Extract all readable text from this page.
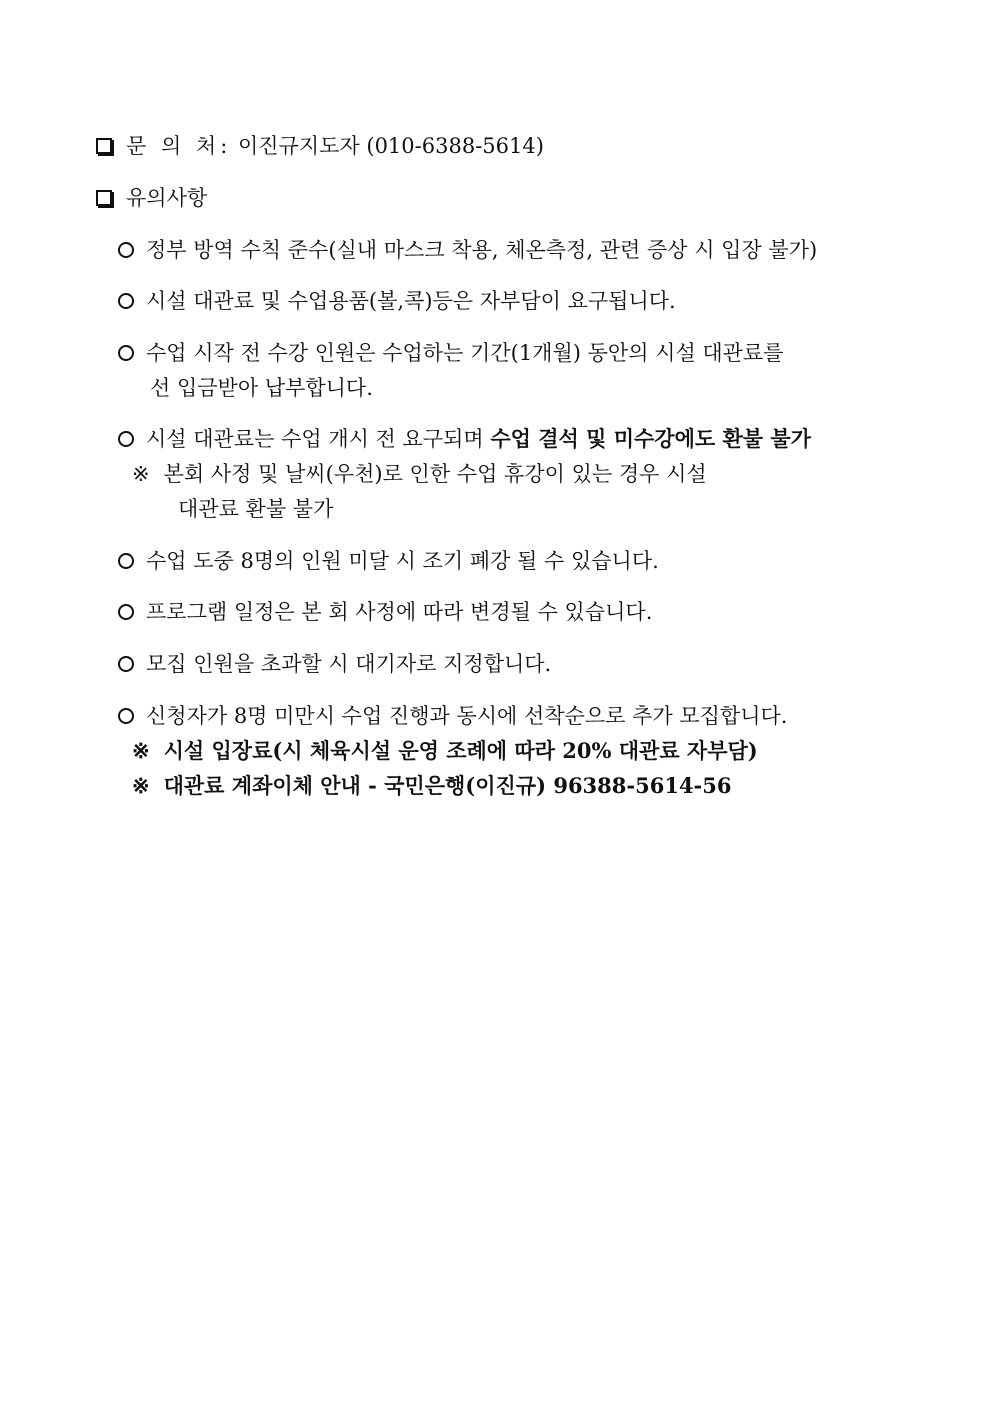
문 의 처: 이진규지도자 (010-6388-5614)
유의사항
정부 방역 수칙 준수(실내 마스크 착용, 체온측정, 관련 증상 시 입장 불가)
시설 대관료 및 수업용품(볼,콕)등은 자부담이 요구됩니다.
수업 시작 전 수강 인원은 수업하는 기간(1개월) 동안의 시설 대관료를
선 입금받아 납부합니다.
시설 대관료는 수업 개시 전 요구되며 수업 결석 및 미수강에도 환불 불가
※ 본회 사정 및 날씨(우천)로 인한 수업 휴강이 있는 경우 시설
대관료 환불 불가
수업 도중 8명의 인원 미달 시 조기 폐강 될 수 있습니다.
프로그램 일정은 본 회 사정에 따라 변경될 수 있습니다.
모집 인원을 초과할 시 대기자로 지정합니다.
신청자가 8명 미만시 수업 진행과 동시에 선착순으로 추가 모집합니다.
※ 시설 입장료(시 체육시설 운영 조례에 따라 20% 대관료 자부담)
※ 대관료 계좌이체 안내 - 국민은행(이진규) 96388-5614-56
